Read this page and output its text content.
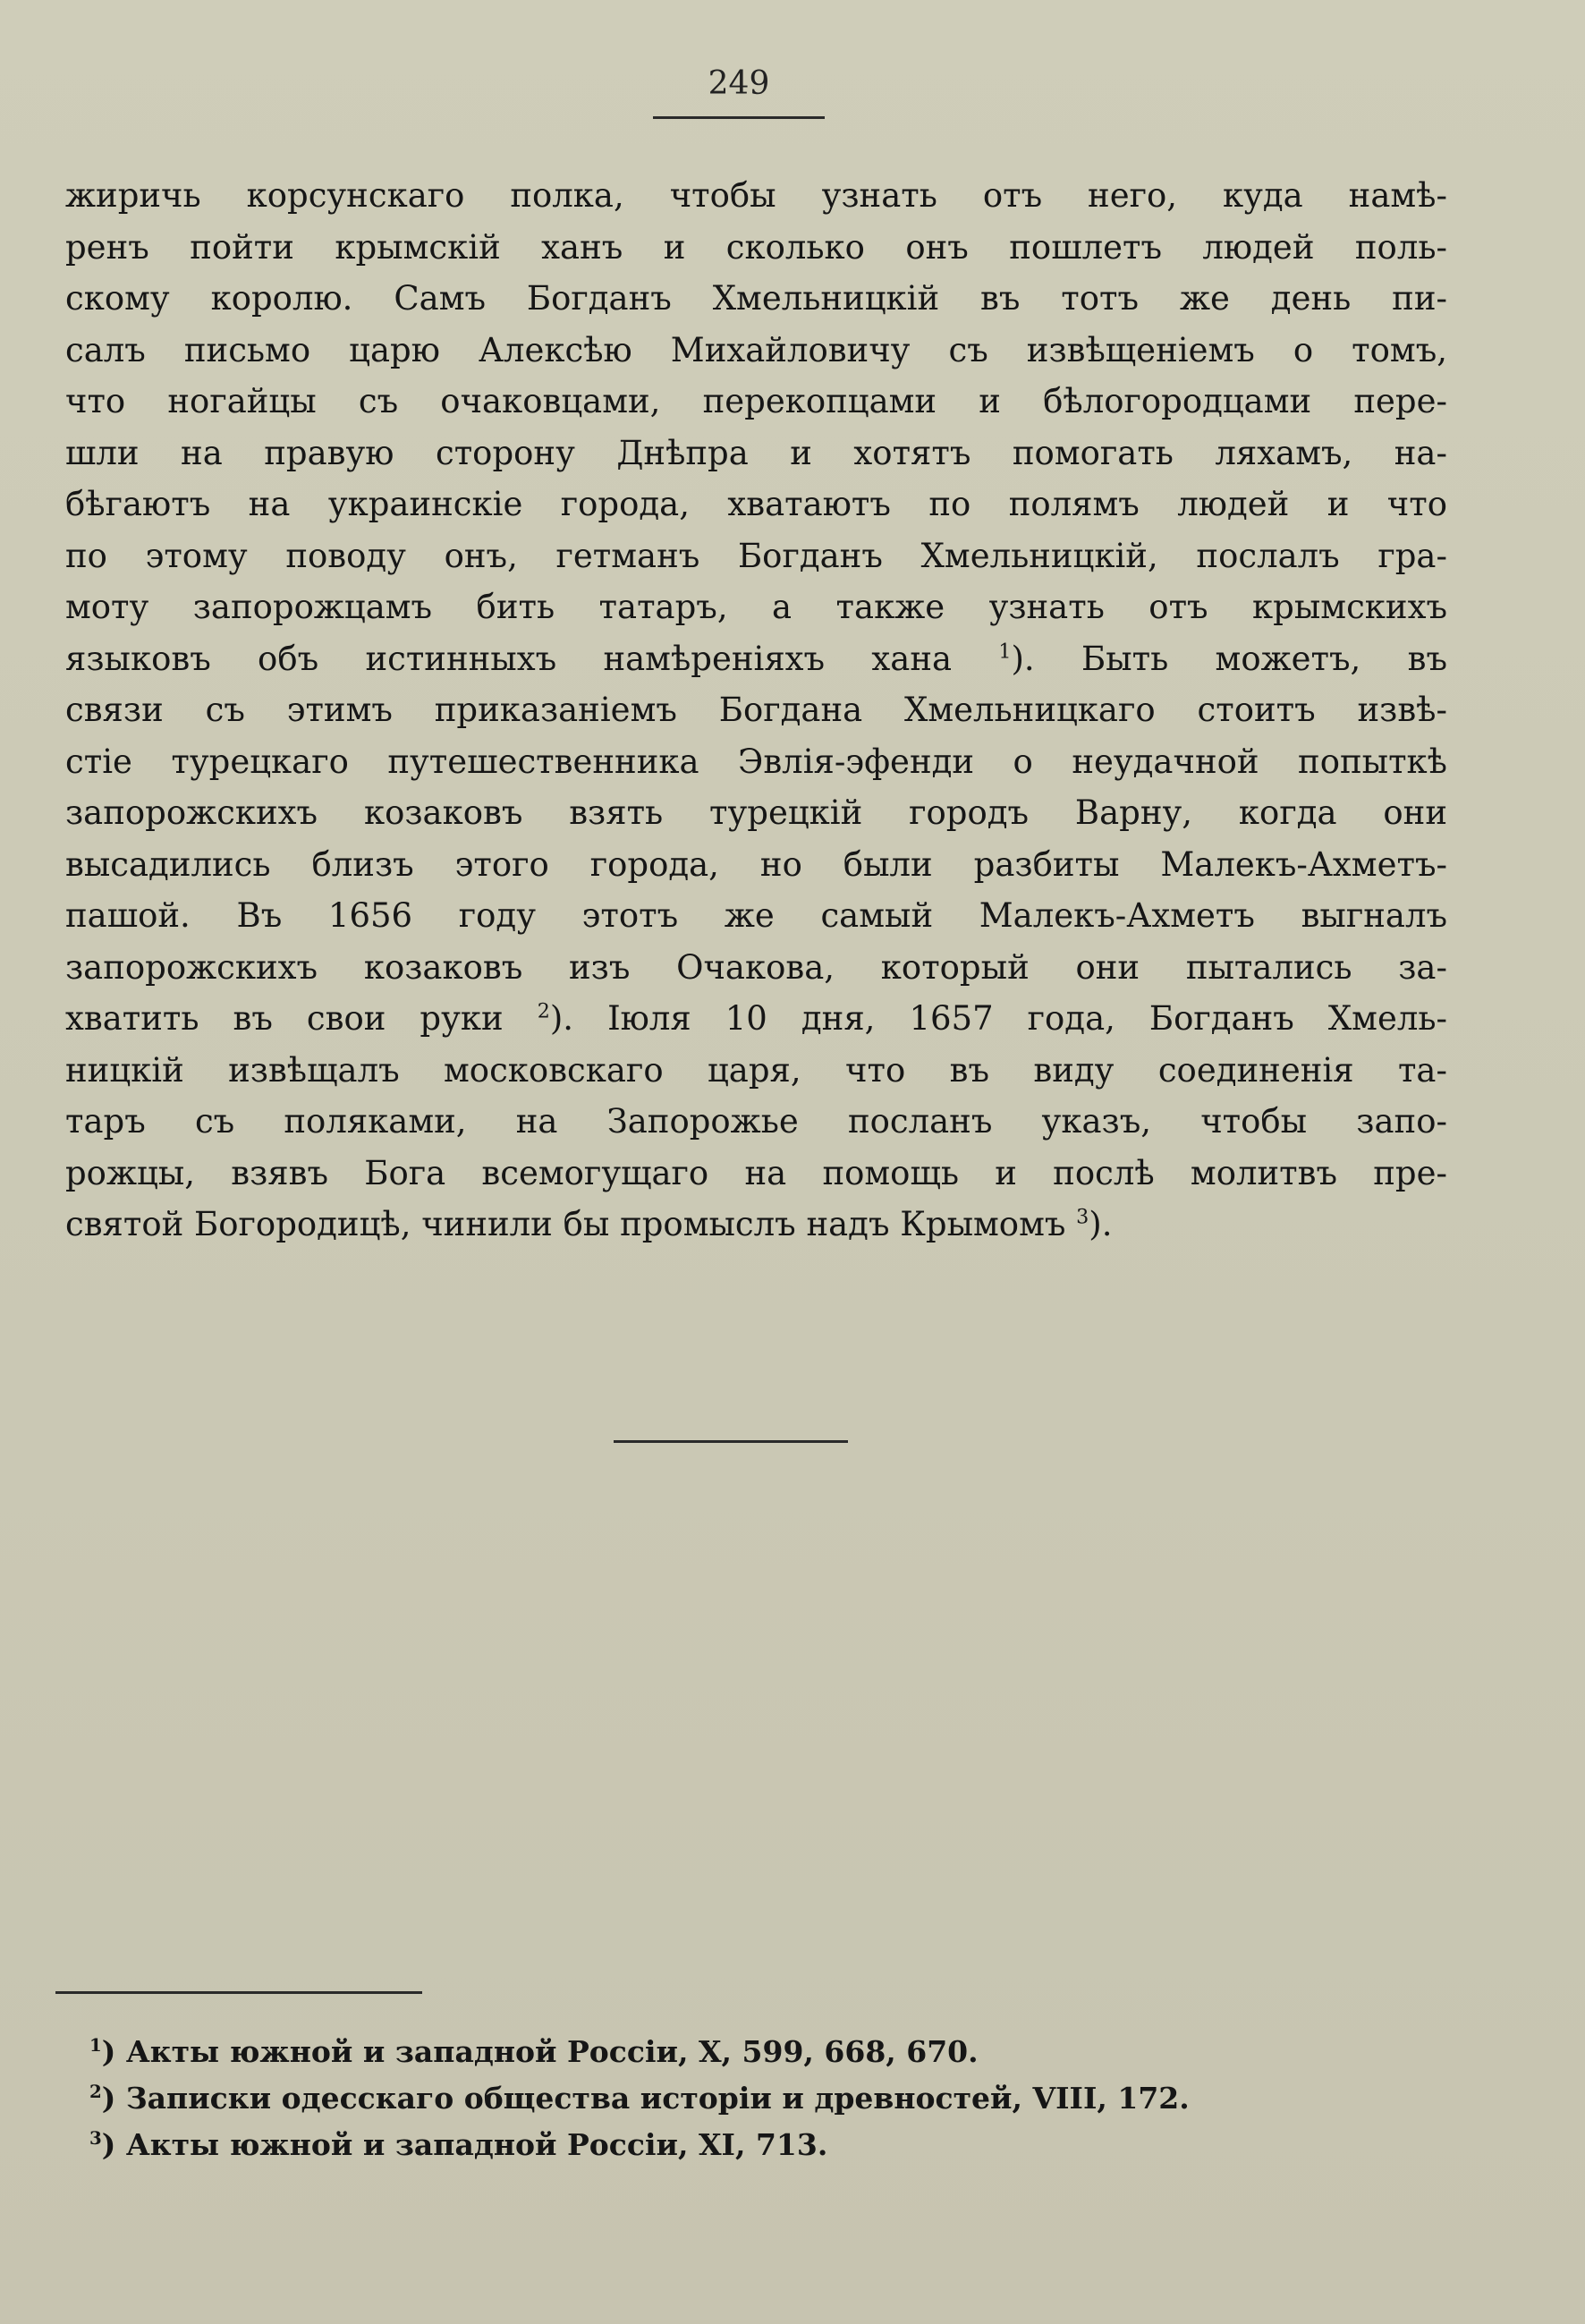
249
жиричь корсунскаго полка, чтобы узнать отъ него, куда намѣ-
ренъ пойти крымскій ханъ и сколько онъ пошлетъ людей поль-
скому королю. Самъ Богданъ Хмельницкій въ тотъ же день пи-
салъ письмо царю Алексѣю Михайловичу съ извѣщеніемъ о томъ,
что ногайцы съ очаковцами, перекопцами и бѣлогородцами пере-
шли на правую сторону Днѣпра и хотятъ помогать ляхамъ, на-
бѣгаютъ на украинскіе города, хватаютъ по полямъ людей и что
по этому поводу онъ, гетманъ Богданъ Хмельницкій, послалъ гра-
моту запорожцамъ бить татаръ, а также узнать отъ крымскихъ
языковъ объ истинныхъ намѣреніяхъ хана $^1$). Быть можетъ, въ
связи съ этимъ приказаніемъ Богдана Хмельницкаго стоитъ извѣ-
стіе турецкаго путешественника Эвлія-эфенди о неудачной попыткѣ
запорожскихъ козаковъ взять турецкій городъ Варну, когда они
высадились близъ этого города, но были разбиты Малекъ-Ахметъ-
пашой. Въ 1656 году этотъ же самый Малекъ-Ахметъ выгналъ
запорожскихъ козаковъ изъ Очакова, который они пытались за-
хватить въ свои руки $^2$). Іюля 10 дня, 1657 года, Богданъ Хмель-
ницкій извѣщалъ московскаго царя, что въ виду соединенія та-
таръ съ поляками, на Запорожье посланъ указъ, чтобы запо-
рожцы, взявъ Бога всемогущаго на помощь и послѣ молитвъ пре-
святой Богородицѣ, чинили бы промыслъ надъ Крымомъ $^3$).
$^1$) Акты южной и западной Россіи, X, 599, 668, 670.
$^2$) Записки одесскаго общества исторіи и древностей, VIII, 172.
$^3$) Акты южной и западной Россіи, XI, 713.
